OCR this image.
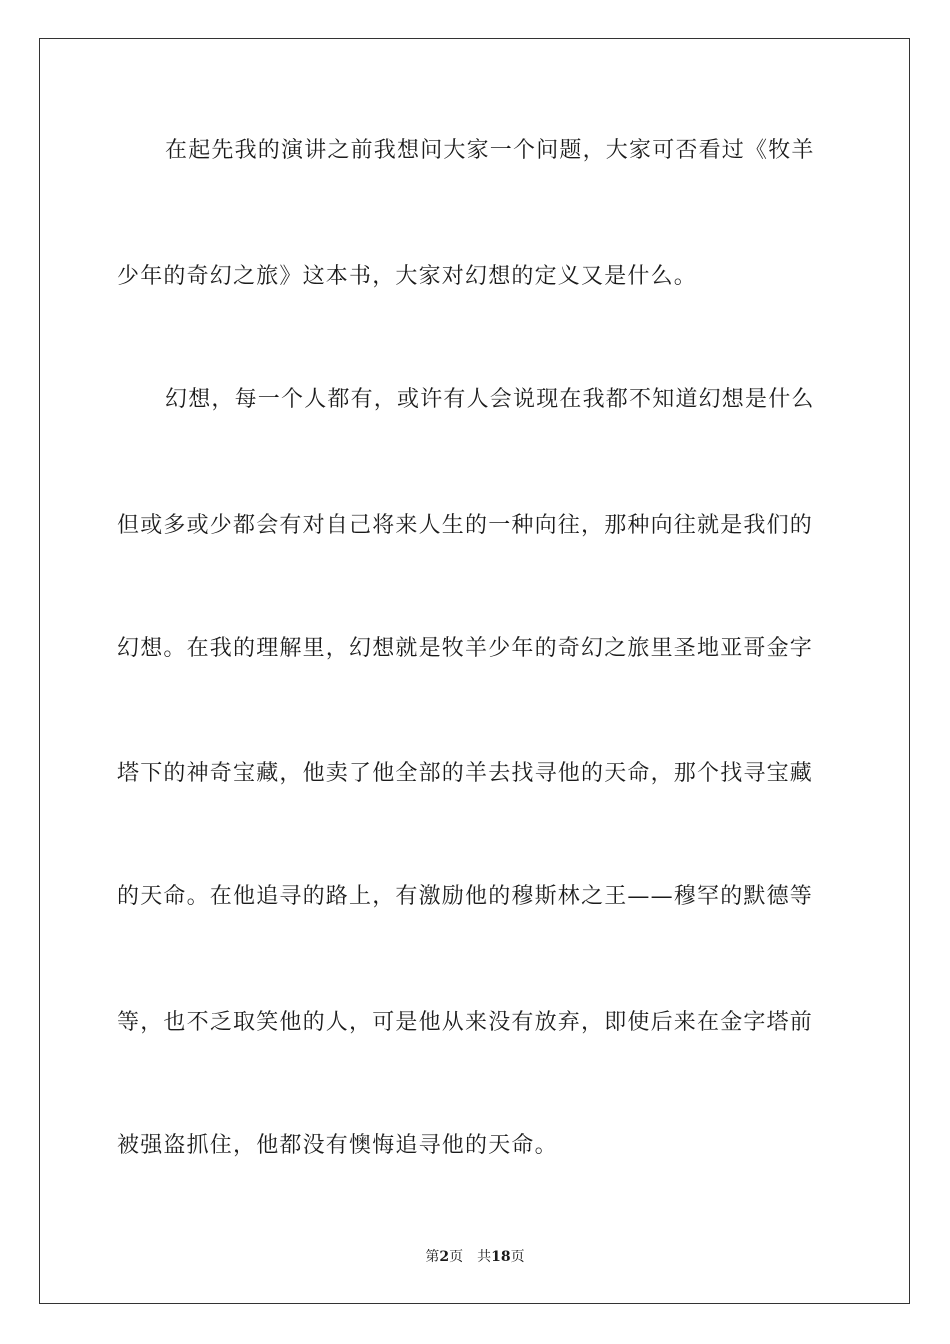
在起先我的演讲之前我想问大家一个问题，大家可否看过《牧羊
少年的奇幻之旅》这本书，大家对幻想的定义又是什么。
幻想，每一个人都有，或许有人会说现在我都不知道幻想是什么
但或多或少都会有对自己将来人生的一种向往，那种向往就是我们的
幻想。在我的理解里，幻想就是牧羊少年的奇幻之旅里圣地亚哥金字
塔下的神奇宝藏，他卖了他全部的羊去找寻他的天命，那个找寻宝藏
的天命。在他追寻的路上，有激励他的穆斯林之王——穆罕的默德等
等，也不乏取笑他的人，可是他从来没有放弃，即使后来在金字塔前
被强盗抓住，他都没有懊悔追寻他的天命。
第2页 共18页
